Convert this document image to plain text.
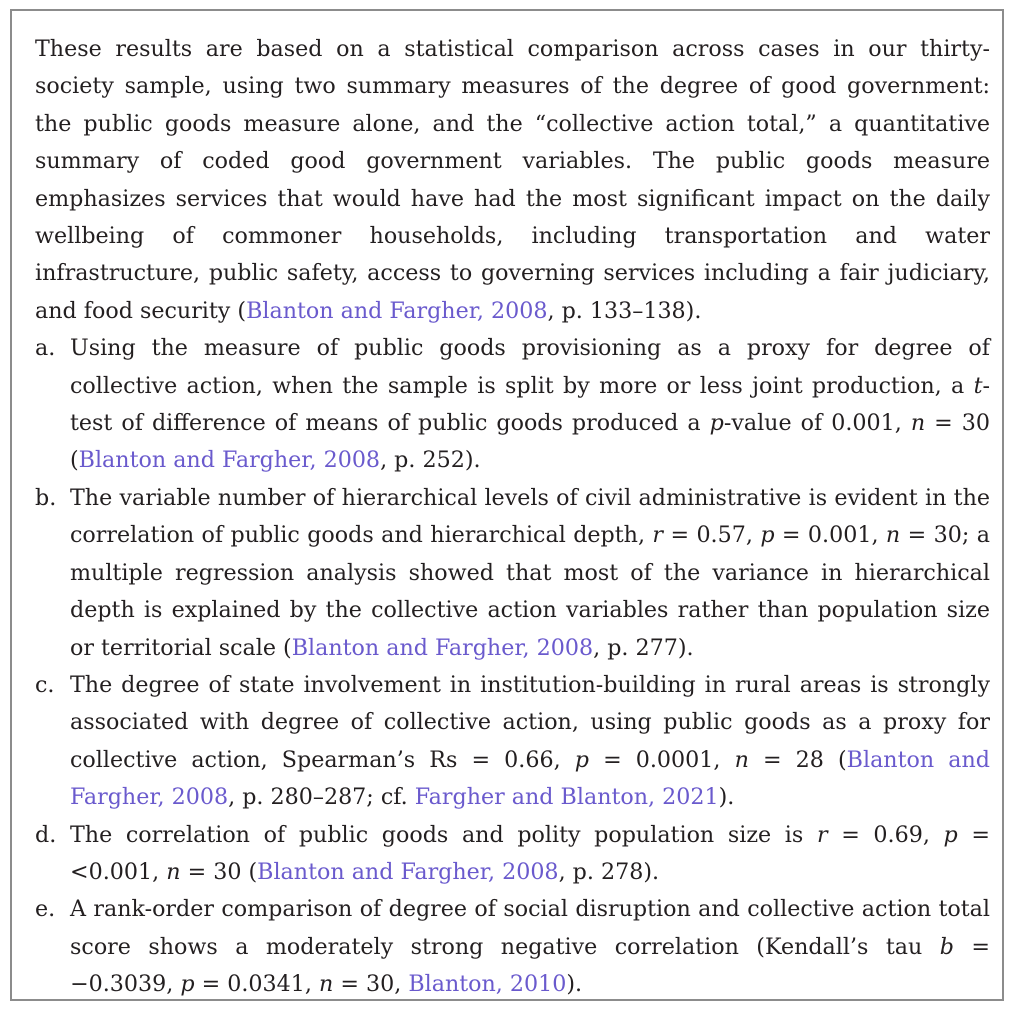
These results are based on a statistical comparison across cases in our thirty-society sample, using two summary measures of the degree of good government: the public goods measure alone, and the “collective action total,” a quantitative summary of coded good government variables. The public goods measure emphasizes services that would have had the most significant impact on the daily wellbeing of commoner households, including transportation and water infrastructure, public safety, access to governing services including a fair judiciary, and food security (Blanton and Fargher, 2008, p. 133–138).

a. Using the measure of public goods provisioning as a proxy for degree of collective action, when the sample is split by more or less joint production, a t-test of difference of means of public goods produced a p-value of 0.001, n = 30 (Blanton and Fargher, 2008, p. 252).
b. The variable number of hierarchical levels of civil administrative is evident in the correlation of public goods and hierarchical depth, r = 0.57, p = 0.001, n = 30; a multiple regression analysis showed that most of the variance in hierarchical depth is explained by the collective action variables rather than population size or territorial scale (Blanton and Fargher, 2008, p. 277).
c. The degree of state involvement in institution-building in rural areas is strongly associated with degree of collective action, using public goods as a proxy for collective action, Spearman’s Rs = 0.66, p = 0.0001, n = 28 (Blanton and Fargher, 2008, p. 280–287; cf. Fargher and Blanton, 2021).
d. The correlation of public goods and polity population size is r = 0.69, p = <0.001, n = 30 (Blanton and Fargher, 2008, p. 278).
e. A rank-order comparison of degree of social disruption and collective action total score shows a moderately strong negative correlation (Kendall’s tau b = −0.3039, p = 0.0341, n = 30, Blanton, 2010).
